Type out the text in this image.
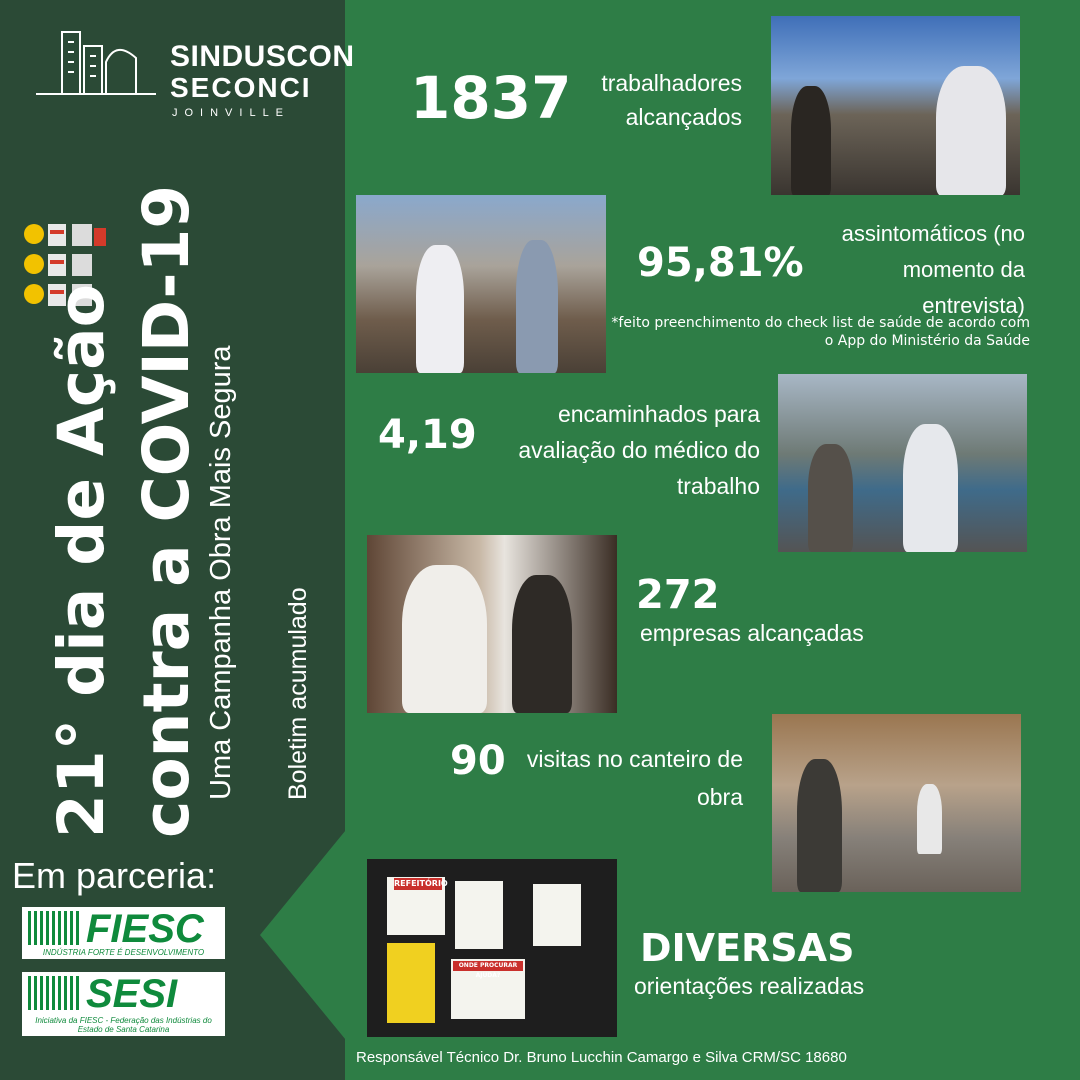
SINDUSCON
SECONCI
JOINVILLE
21° dia de Ação contra a COVID-19 Uma Campanha Obra Mais Segura Boletim acumulado
Em parceria:
FIESC
INDÚSTRIA FORTE É DESENVOLVIMENTO
SESI
Iniciativa da FIESC - Federação das Indústrias do Estado de Santa Catarina
REFEITÓRIO
ONDE PROCURAR AJUDA?
1837	trabalhadores alcançados
95,81%
assintomáticos (no momento da entrevista)
*feito preenchimento do check list de saúde de acordo com o App do Ministério da Saúde
4,19	encaminhados para avaliação do médico do trabalho
272
empresas alcançadas
90 visitas no canteiro de obra
DIVERSAS
orientações realizadas
Responsável Técnico Dr. Bruno Lucchin Camargo e Silva CRM/SC 18680
